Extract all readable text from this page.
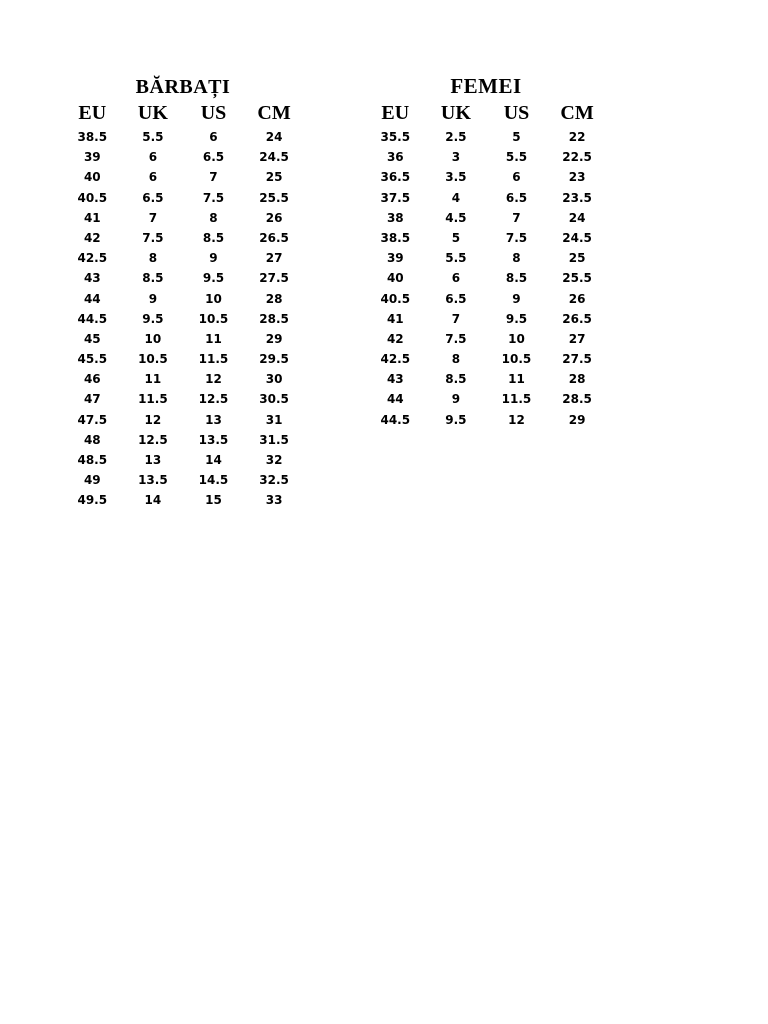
BĂRBAȚI
EU	UK	US	CM
38.5	5.5	6	24
39	6	6.5	24.5
40	6	7	25
40.5	6.5	7.5	25.5
41	7	8	26
42	7.5	8.5	26.5
42.5	8	9	27
43	8.5	9.5	27.5
44	9	10	28
44.5	9.5	10.5	28.5
45	10	11	29
45.5	10.5	11.5	29.5
46	11	12	30
47	11.5	12.5	30.5
47.5	12	13	31
48	12.5	13.5	31.5
48.5	13	14	32
49	13.5	14.5	32.5
49.5	14	15	33
FEMEI
EU	UK	US	CM
35.5	2.5	5	22
36	3	5.5	22.5
36.5	3.5	6	23
37.5	4	6.5	23.5
38	4.5	7	24
38.5	5	7.5	24.5
39	5.5	8	25
40	6	8.5	25.5
40.5	6.5	9	26
41	7	9.5	26.5
42	7.5	10	27
42.5	8	10.5	27.5
43	8.5	11	28
44	9	11.5	28.5
44.5	9.5	12	29
